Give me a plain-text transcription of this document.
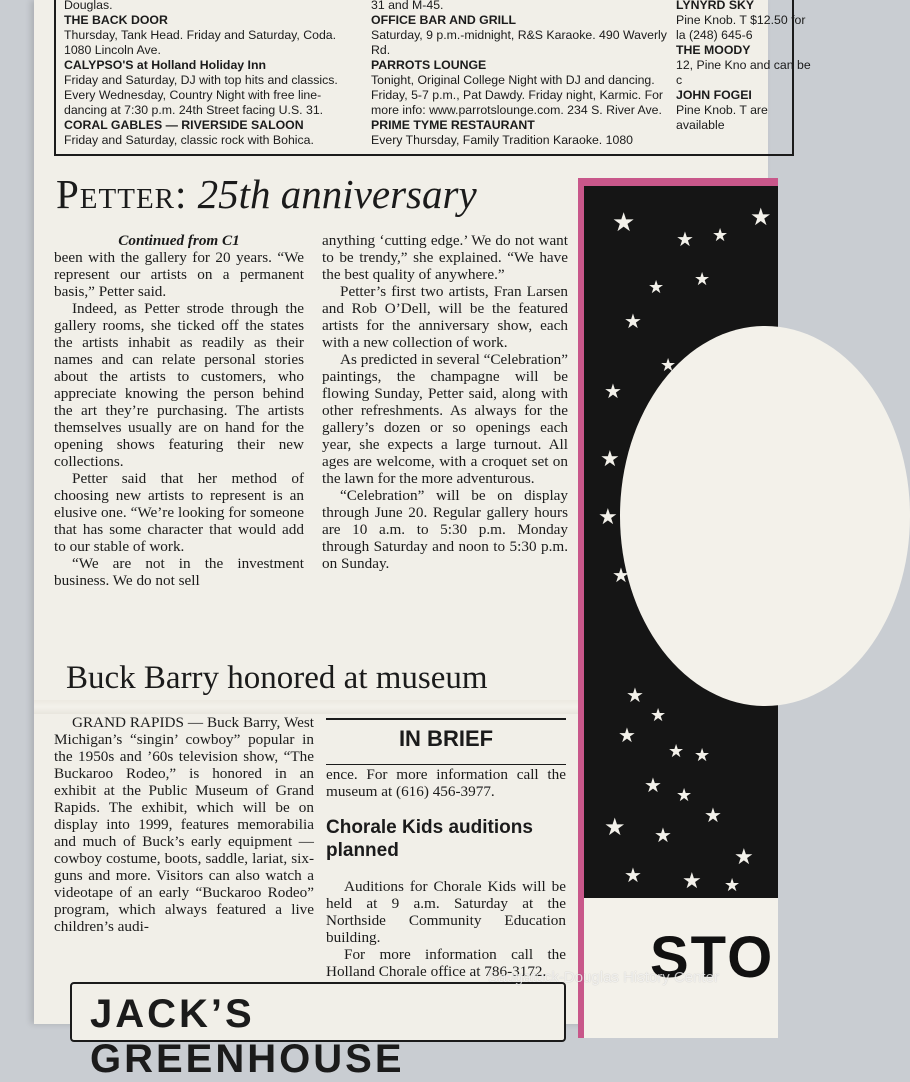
Douglas.
THE BACK DOOR
Thursday, Tank Head. Friday and Saturday, Coda. 1080 Lincoln Ave.
CALYPSO'S at Holland Holiday Inn
Friday and Saturday, DJ with top hits and classics. Every Wednesday, Country Night with free line-dancing at 7:30 p.m. 24th Street facing U.S. 31.
CORAL GABLES — RIVERSIDE SALOON
Friday and Saturday, classic rock with Bohica.
31 and M-45.
OFFICE BAR AND GRILL
Saturday, 9 p.m.-midnight, R&S Karaoke. 490 Waverly Rd.
PARROTS LOUNGE
Tonight, Original College Night with DJ and dancing. Friday, 5-7 p.m., Pat Dawdy. Friday night, Karmic. For more info: www.parrotslounge.com. 234 S. River Ave.
PRIME TYME RESTAURANT
Every Thursday, Family Tradition Karaoke. 1080
LYNYRD SKY
Pine Knob. T $12.50 for la (248) 645-6
THE MOODY
12, Pine Kno and can be c
JOHN FOGEI
Pine Knob. T are available
Petter: 25th anniversary

Continued from C1

been with the gallery for 20 years. “We represent our artists on a permanent basis,” Petter said.

Indeed, as Petter strode through the gallery rooms, she ticked off the states the artists inhabit as readily as their names and can relate personal stories about the artists to customers, who appreciate knowing the person behind the art they’re purchasing. The artists themselves usually are on hand for the opening shows featuring their new collections.

Petter said that her method of choosing new artists to represent is an elusive one. “We’re looking for someone that has some character that would add to our stable of work.

“We are not in the investment business. We do not sell

anything ‘cutting edge.’ We do not want to be trendy,” she explained. “We have the best quality of anywhere.”

Petter’s first two artists, Fran Larsen and Rob O’Dell, will be the featured artists for the anniversary show, each with a new collection of work.

As predicted in several “Celebration” paintings, the champagne will be flowing Sunday, Petter said, along with other refreshments. As always for the gallery’s dozen or so openings each year, she expects a large turnout. All ages are welcome, with a croquet set on the lawn for the more adventurous.

“Celebration” will be on display through June 20. Regular gallery hours are 10 a.m. to 5:30 p.m. Monday through Saturday and noon to 5:30 p.m. on Sunday.

Buck Barry honored at museum

GRAND RAPIDS — Buck Barry, West Michigan’s “singin’ cowboy” popular in the 1950s and ’60s television show, “The Buckaroo Rodeo,” is honored in an exhibit at the Public Museum of Grand Rapids. The exhibit, which will be on display into 1999, features memorabilia and much of Buck’s early equipment — cowboy costume, boots, saddle, lariat, six-guns and more. Visitors can also watch a videotape of an early “Buckaroo Rodeo” program, which always featured a live children’s audi-

IN BRIEF
ence. For more information call the museum at (616) 456-3977.
Chorale Kids auditions planned

Auditions for Chorale Kids will be held at 9 a.m. Saturday at the Northside Community Education building.

For more information call the Holland Chorale office at 786-3172.

★
★ ★
★
★ ★
★
★
★
★
★
★
★
★
★
★ ★
★ ★
★ ★
★
★
★ ★ ★
STO
JACK’S GREENHOUSE
Saugatuck-Douglas History Center
